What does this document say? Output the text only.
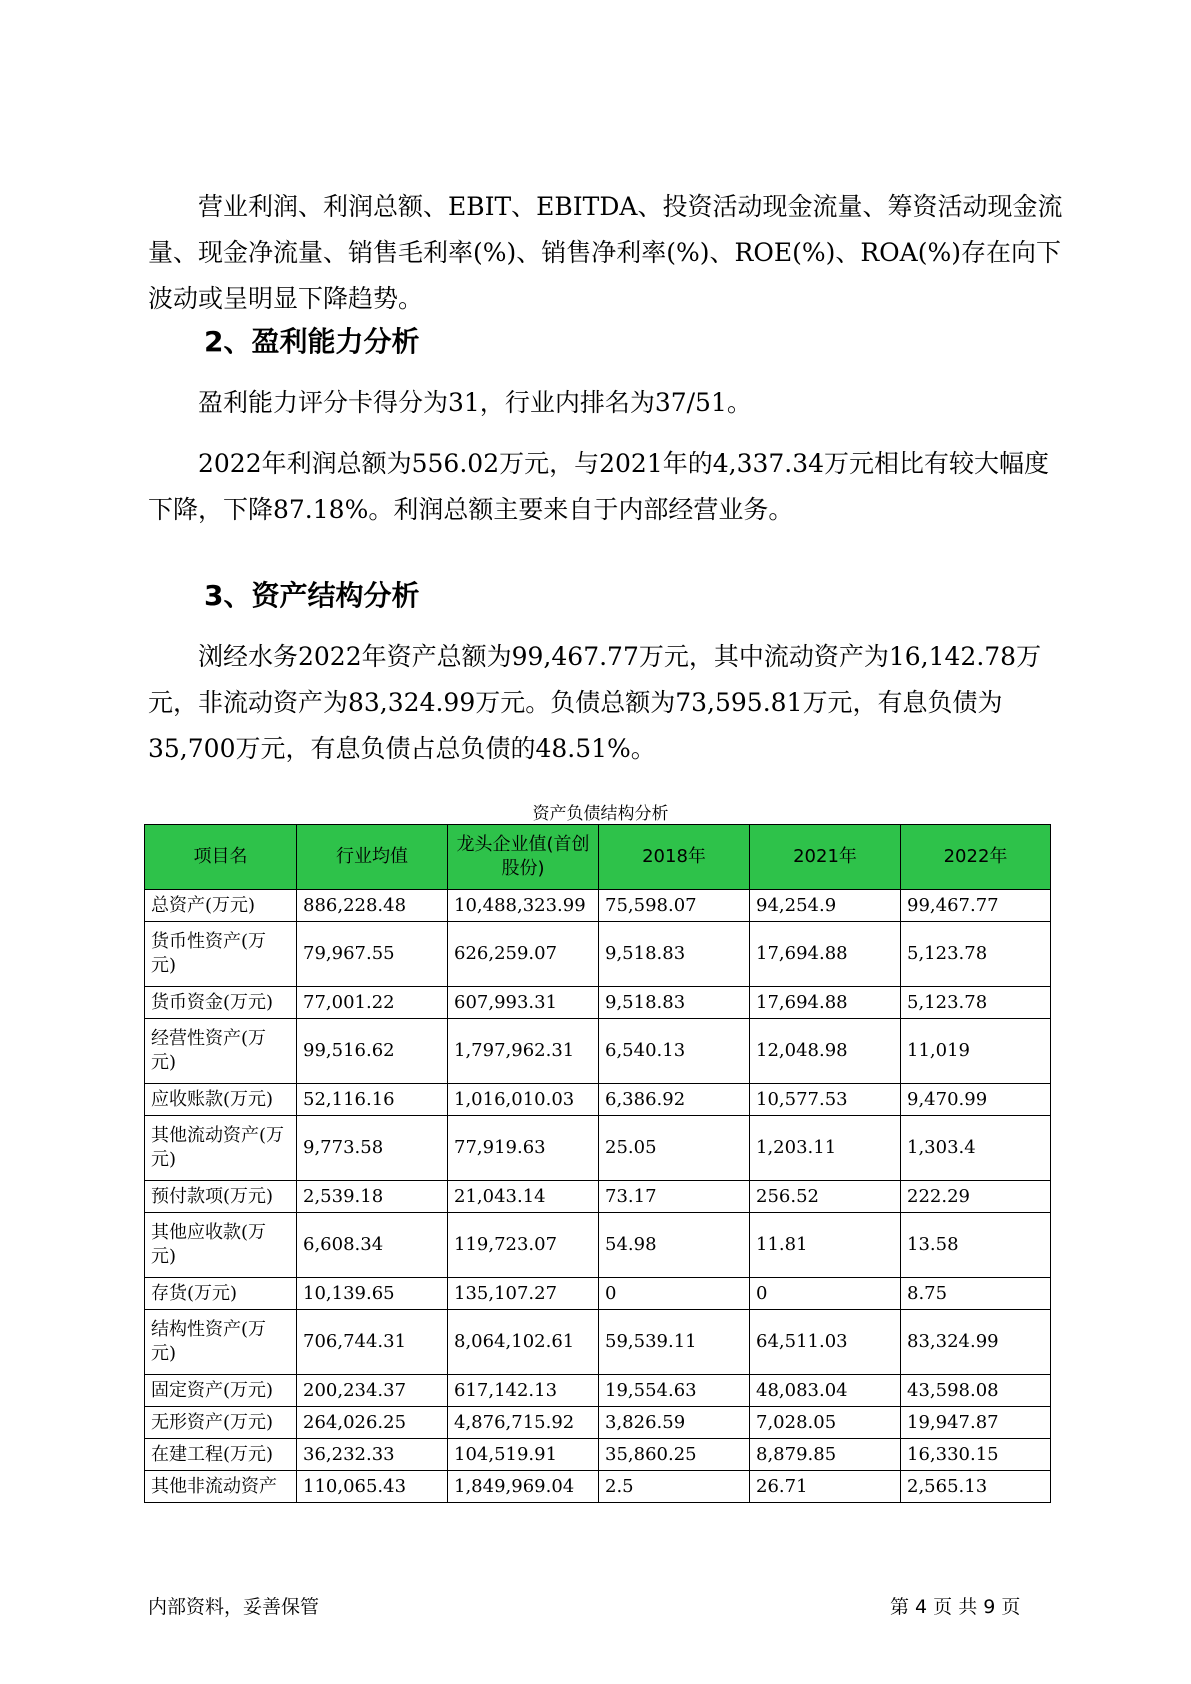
营业利润、利润总额、EBIT、EBITDA、投资活动现金流量、筹资活动现金流量、现金净流量、销售毛利率(%)、销售净利率(%)、ROE(%)、ROA(%)存在向下波动或呈明显下降趋势。

2、盈利能力分析

盈利能力评分卡得分为31，行业内排名为37/51。

2022年利润总额为556.02万元，与2021年的4,337.34万元相比有较大幅度下降，下降87.18%。利润总额主要来自于内部经营业务。

3、资产结构分析

浏经水务2022年资产总额为99,467.77万元，其中流动资产为16,142.78万元，非流动资产为83,324.99万元。负债总额为73,595.81万元，有息负债为35,700万元，有息负债占总负债的48.51%。

资产负债结构分析
项目名	行业均值	龙头企业值(首创股份)	2018年	2021年	2022年
总资产(万元)	886,228.48	10,488,323.99	75,598.07	94,254.9	99,467.77
货币性资产(万元)	79,967.55	626,259.07	9,518.83	17,694.88	5,123.78
货币资金(万元)	77,001.22	607,993.31	9,518.83	17,694.88	5,123.78
经营性资产(万元)	99,516.62	1,797,962.31	6,540.13	12,048.98	11,019
应收账款(万元)	52,116.16	1,016,010.03	6,386.92	10,577.53	9,470.99
其他流动资产(万元)	9,773.58	77,919.63	25.05	1,203.11	1,303.4
预付款项(万元)	2,539.18	21,043.14	73.17	256.52	222.29
其他应收款(万元)	6,608.34	119,723.07	54.98	11.81	13.58
存货(万元)	10,139.65	135,107.27	0	0	8.75
结构性资产(万元)	706,744.31	8,064,102.61	59,539.11	64,511.03	83,324.99
固定资产(万元)	200,234.37	617,142.13	19,554.63	48,083.04	43,598.08
无形资产(万元)	264,026.25	4,876,715.92	3,826.59	7,028.05	19,947.87
在建工程(万元)	36,232.33	104,519.91	35,860.25	8,879.85	16,330.15
其他非流动资产	110,065.43	1,849,969.04	2.5	26.71	2,565.13
内部资料，妥善保管	第 4 页 共 9 页
